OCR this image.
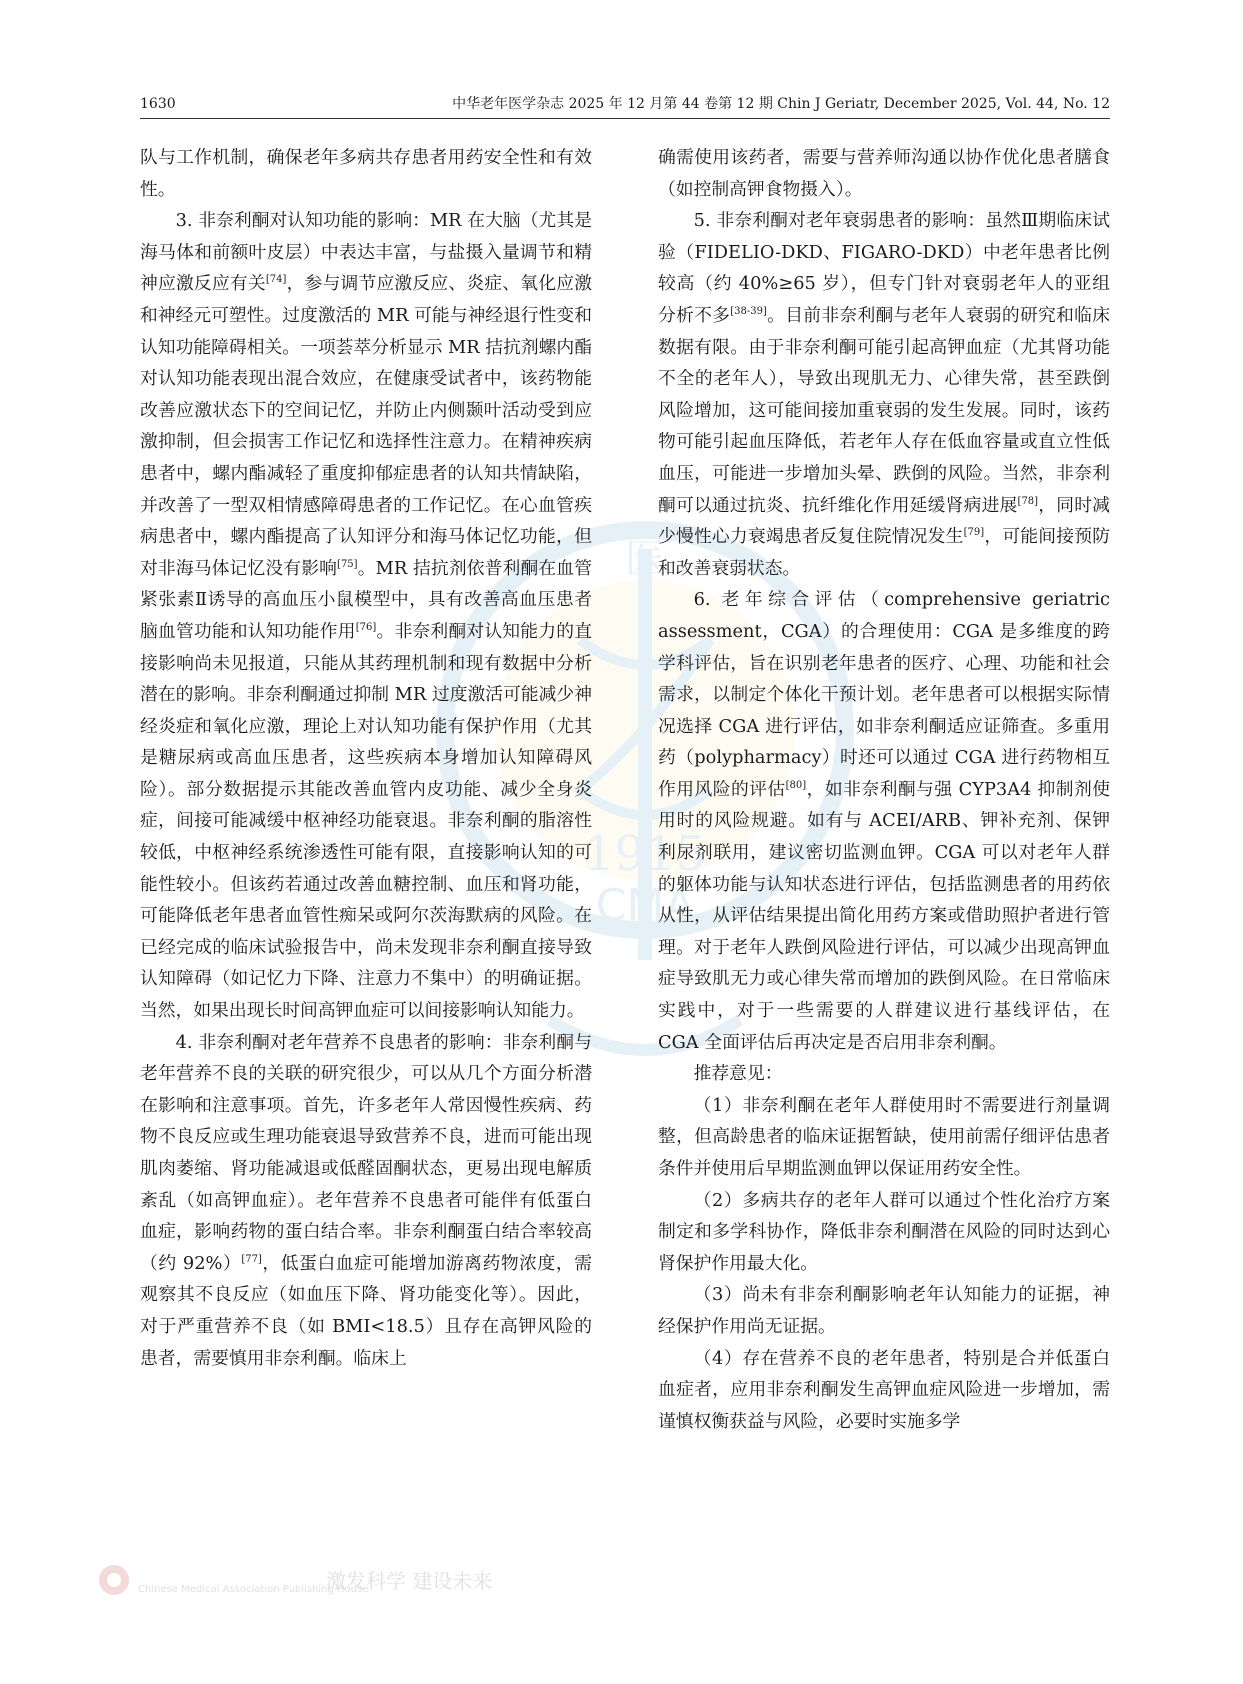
医
1915
CMA
1630	中华老年医学杂志 2025 年 12 月第 44 卷第 12 期 Chin J Geriatr, December 2025, Vol. 44, No. 12

队与工作机制，确保老年多病共存患者用药安全性和有效性。

3. 非奈利酮对认知功能的影响：MR 在大脑（尤其是海马体和前额叶皮层）中表达丰富，与盐摄入量调节和精神应激反应有关[74]，参与调节应激反应、炎症、氧化应激和神经元可塑性。过度激活的 MR 可能与神经退行性变和认知功能障碍相关。一项荟萃分析显示 MR 拮抗剂螺内酯对认知功能表现出混合效应，在健康受试者中，该药物能改善应激状态下的空间记忆，并防止内侧颞叶活动受到应激抑制，但会损害工作记忆和选择性注意力。在精神疾病患者中，螺内酯减轻了重度抑郁症患者的认知共情缺陷，并改善了一型双相情感障碍患者的工作记忆。在心血管疾病患者中，螺内酯提高了认知评分和海马体记忆功能，但对非海马体记忆没有影响[75]。MR 拮抗剂依普利酮在血管紧张素Ⅱ诱导的高血压小鼠模型中，具有改善高血压患者脑血管功能和认知功能作用[76]。非奈利酮对认知能力的直接影响尚未见报道，只能从其药理机制和现有数据中分析潜在的影响。非奈利酮通过抑制 MR 过度激活可能减少神经炎症和氧化应激，理论上对认知功能有保护作用（尤其是糖尿病或高血压患者，这些疾病本身增加认知障碍风险）。部分数据提示其能改善血管内皮功能、减少全身炎症，间接可能减缓中枢神经功能衰退。非奈利酮的脂溶性较低，中枢神经系统渗透性可能有限，直接影响认知的可能性较小。但该药若通过改善血糖控制、血压和肾功能，可能降低老年患者血管性痴呆或阿尔茨海默病的风险。在已经完成的临床试验报告中，尚未发现非奈利酮直接导致认知障碍（如记忆力下降、注意力不集中）的明确证据。当然，如果出现长时间高钾血症可以间接影响认知能力。

4. 非奈利酮对老年营养不良患者的影响：非奈利酮与老年营养不良的关联的研究很少，可以从几个方面分析潜在影响和注意事项。首先，许多老年人常因慢性疾病、药物不良反应或生理功能衰退导致营养不良，进而可能出现肌肉萎缩、肾功能减退或低醛固酮状态，更易出现电解质紊乱（如高钾血症）。老年营养不良患者可能伴有低蛋白血症，影响药物的蛋白结合率。非奈利酮蛋白结合率较高（约 92%）[77]，低蛋白血症可能增加游离药物浓度，需观察其不良反应（如血压下降、肾功能变化等）。因此，对于严重营养不良（如 BMI<18.5）且存在高钾风险的患者，需要慎用非奈利酮。临床上

确需使用该药者，需要与营养师沟通以协作优化患者膳食（如控制高钾食物摄入）。

5. 非奈利酮对老年衰弱患者的影响：虽然Ⅲ期临床试验（FIDELIO-DKD、FIGARO-DKD）中老年患者比例较高（约 40%≥65 岁），但专门针对衰弱老年人的亚组分析不多[38-39]。目前非奈利酮与老年人衰弱的研究和临床数据有限。由于非奈利酮可能引起高钾血症（尤其肾功能不全的老年人），导致出现肌无力、心律失常，甚至跌倒风险增加，这可能间接加重衰弱的发生发展。同时，该药物可能引起血压降低，若老年人存在低血容量或直立性低血压，可能进一步增加头晕、跌倒的风险。当然，非奈利酮可以通过抗炎、抗纤维化作用延缓肾病进展[78]，同时减少慢性心力衰竭患者反复住院情况发生[79]，可能间接预防和改善衰弱状态。

6. 老年综合评估（comprehensive geriatric assessment，CGA）的合理使用：CGA 是多维度的跨学科评估，旨在识别老年患者的医疗、心理、功能和社会需求，以制定个体化干预计划。老年患者可以根据实际情况选择 CGA 进行评估，如非奈利酮适应证筛查。多重用药（polypharmacy）时还可以通过 CGA 进行药物相互作用风险的评估[80]，如非奈利酮与强 CYP3A4 抑制剂使用时的风险规避。如有与 ACEI/ARB、钾补充剂、保钾利尿剂联用，建议密切监测血钾。CGA 可以对老年人群的躯体功能与认知状态进行评估，包括监测患者的用药依从性，从评估结果提出简化用药方案或借助照护者进行管理。对于老年人跌倒风险进行评估，可以减少出现高钾血症导致肌无力或心律失常而增加的跌倒风险。在日常临床实践中，对于一些需要的人群建议进行基线评估，在 CGA 全面评估后再决定是否启用非奈利酮。

推荐意见：

（1）非奈利酮在老年人群使用时不需要进行剂量调整，但高龄患者的临床证据暂缺，使用前需仔细评估患者条件并使用后早期监测血钾以保证用药安全性。

（2）多病共存的老年人群可以通过个性化治疗方案制定和多学科协作，降低非奈利酮潜在风险的同时达到心肾保护作用最大化。

（3）尚未有非奈利酮影响老年认知能力的证据，神经保护作用尚无证据。

（4）存在营养不良的老年患者，特别是合并低蛋白血症者，应用非奈利酮发生高钾血症风险进一步增加，需谨慎权衡获益与风险，必要时实施多学

Chinese Medical Association Publishing House
激发科学 建设未来
